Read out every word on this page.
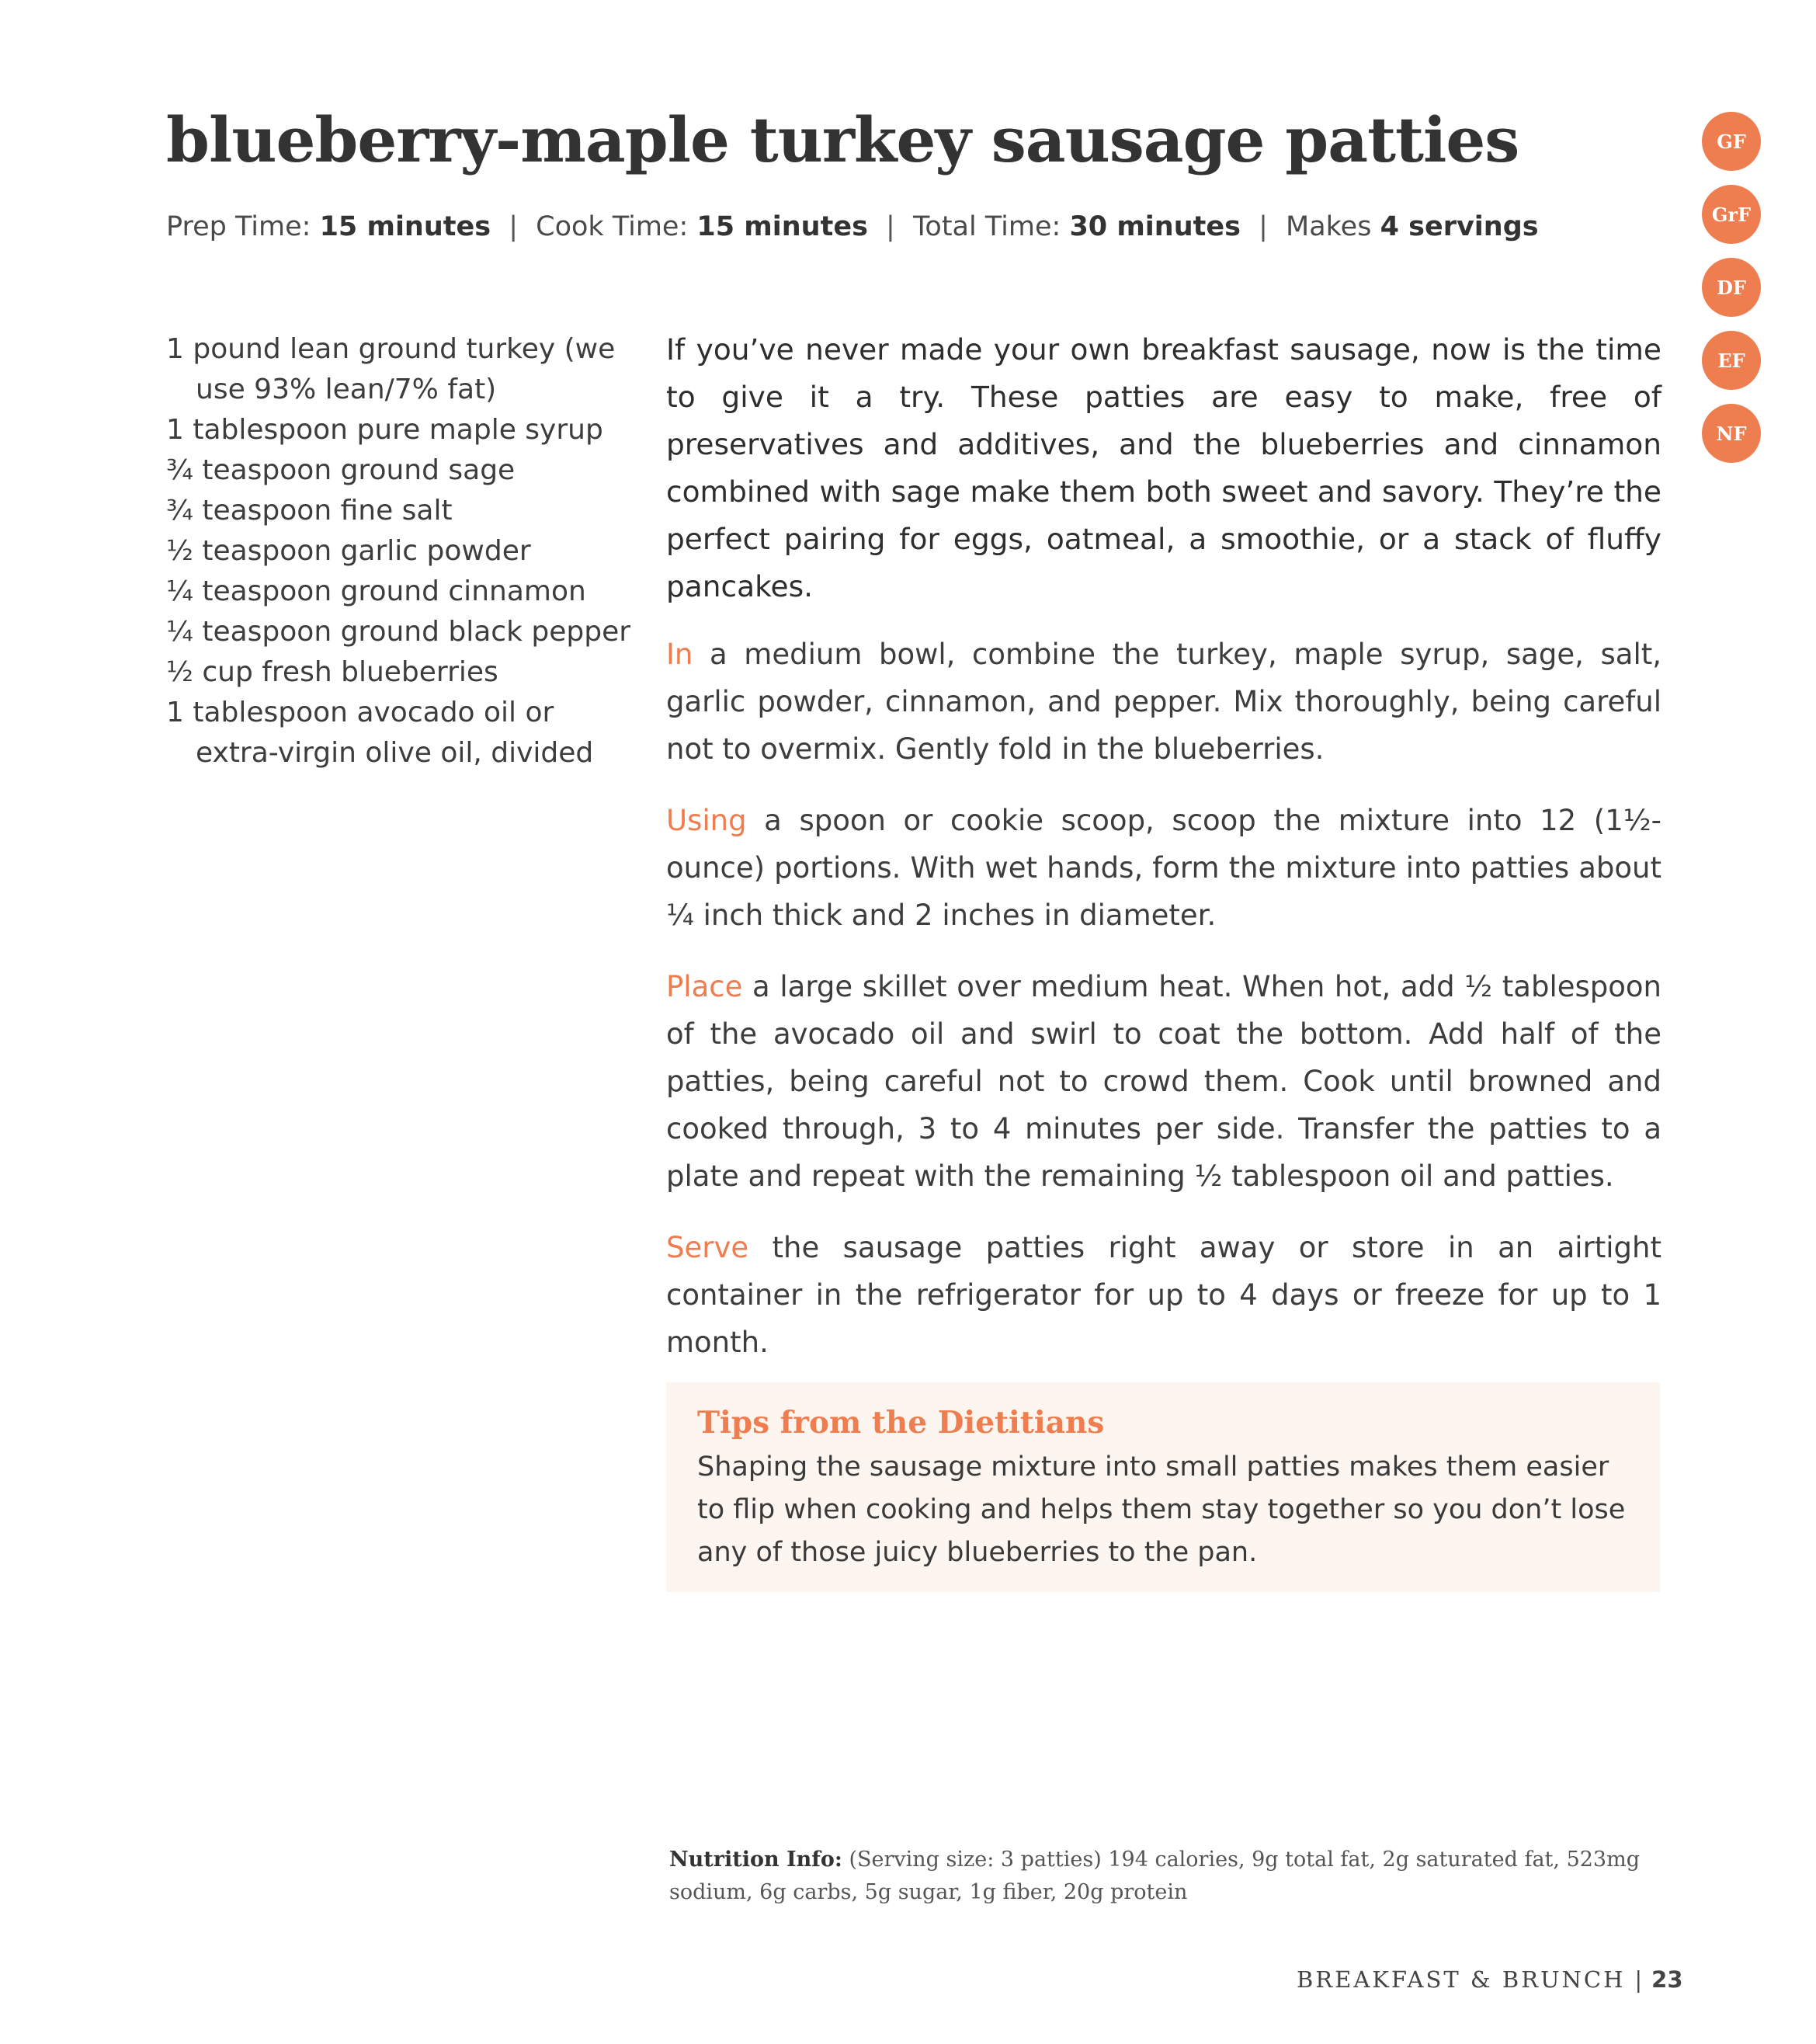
blueberry-maple turkey sausage patties
Prep Time: 15 minutes | Cook Time: 15 minutes | Total Time: 30 minutes | Makes 4 servings
GF
GrF
DF
EF
NF
1 pound lean ground turkey (we use 93% lean/7% fat)
1 tablespoon pure maple syrup
¾ teaspoon ground sage
¾ teaspoon fine salt
½ teaspoon garlic powder
¼ teaspoon ground cinnamon
¼ teaspoon ground black pepper
½ cup fresh blueberries
1 tablespoon avocado oil or extra-virgin olive oil, divided

If you’ve never made your own breakfast sausage, now is the time to give it a try. These patties are easy to make, free of preservatives and additives, and the blueberries and cinnamon combined with sage make them both sweet and savory. They’re the perfect pairing for eggs, oatmeal, a smoothie, or a stack of fluffy pancakes.

In a medium bowl, combine the turkey, maple syrup, sage, salt, garlic powder, cinnamon, and pepper. Mix thoroughly, being careful not to overmix. Gently fold in the blueberries.

Using a spoon or cookie scoop, scoop the mixture into 12 (1½-ounce) portions. With wet hands, form the mixture into patties about ¼ inch thick and 2 inches in diameter.

Place a large skillet over medium heat. When hot, add ½ tablespoon of the avocado oil and swirl to coat the bottom. Add half of the patties, being careful not to crowd them. Cook until browned and cooked through, 3 to 4 minutes per side. Transfer the patties to a plate and repeat with the remaining ½ tablespoon oil and patties.

Serve the sausage patties right away or store in an airtight container in the refrigerator for up to 4 days or freeze for up to 1 month.

Tips from the Dietitians

Shaping the sausage mixture into small patties makes them easier to flip when cooking and helps them stay together so you don’t lose any of those juicy blueberries to the pan.

Nutrition Info: (Serving size: 3 patties) 194 calories, 9g total fat, 2g saturated fat, 523mg sodium, 6g carbs, 5g sugar, 1g fiber, 20g protein

BREAKFAST & BRUNCH | 23
